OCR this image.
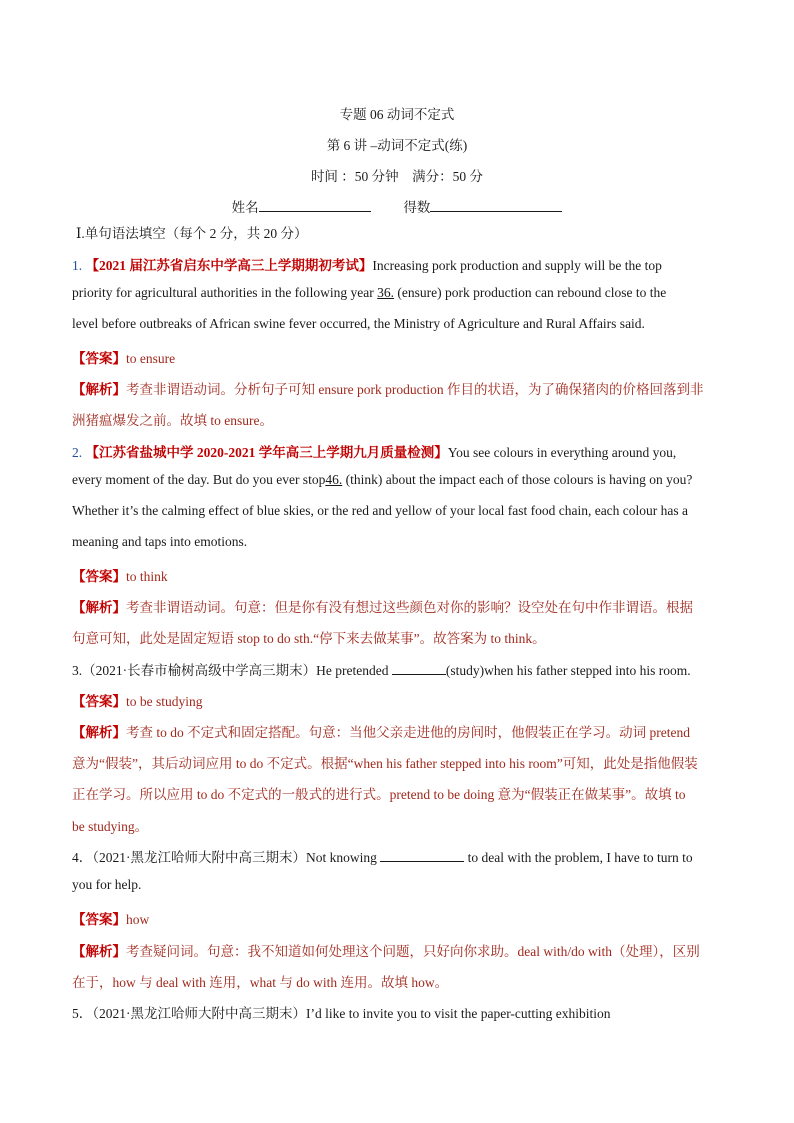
专题 06 动词不定式
第 6 讲 –动词不定式(练)
时间 ：50 分钟　满分：50 分
姓名	得数
Ⅰ.单句语法填空（每个 2 分，共 20 分）
1. 【2021 届江苏省启东中学高三上学期期初考试】Increasing pork production and supply will be the top
priority for agricultural authorities in the following year 36. (ensure) pork production can rebound close to the
level before outbreaks of African swine fever occurred, the Ministry of Agriculture and Rural Affairs said.
【答案】to ensure
【解析】考查非谓语动词。分析句子可知 ensure pork production 作目的状语，为了确保猪肉的价格回落到非
洲猪瘟爆发之前。故填 to ensure。
2. 【江苏省盐城中学 2020-2021 学年高三上学期九月质量检测】You see colours in everything around you,
every moment of the day. But do you ever stop46. (think) about the impact each of those colours is having on you?
Whether it’s the calming effect of blue skies, or the red and yellow of your local fast food chain, each colour has a
meaning and taps into emotions.
【答案】to think
【解析】考查非谓语动词。句意：但是你有没有想过这些颜色对你的影响？设空处在句中作非谓语。根据
句意可知，此处是固定短语 stop to do sth.“停下来去做某事”。故答案为 to think。
3.（2021·长春市榆树高级中学高三期末）He pretended	(study)when his father stepped into his room.
【答案】to be studying
【解析】考查 to do 不定式和固定搭配。句意：当他父亲走进他的房间时，他假装正在学习。动词 pretend
意为“假装”，其后动词应用 to do 不定式。根据“when his father stepped into his room”可知，此处是指他假装
正在学习。所以应用 to do 不定式的一般式的进行式。pretend to be doing 意为“假装正在做某事”。故填 to
be studying。
4．（2021·黑龙江哈师大附中高三期末）Not knowing	to deal with the problem, I have to turn to
you for help.
【答案】how
【解析】考查疑问词。句意：我不知道如何处理这个问题，只好向你求助。deal with/do with（处理），区别
在于，how 与 deal with 连用，what 与 do with 连用。故填 how。
5．（2021·黑龙江哈师大附中高三期末）I’d like to invite you to visit the paper-cutting exhibition
